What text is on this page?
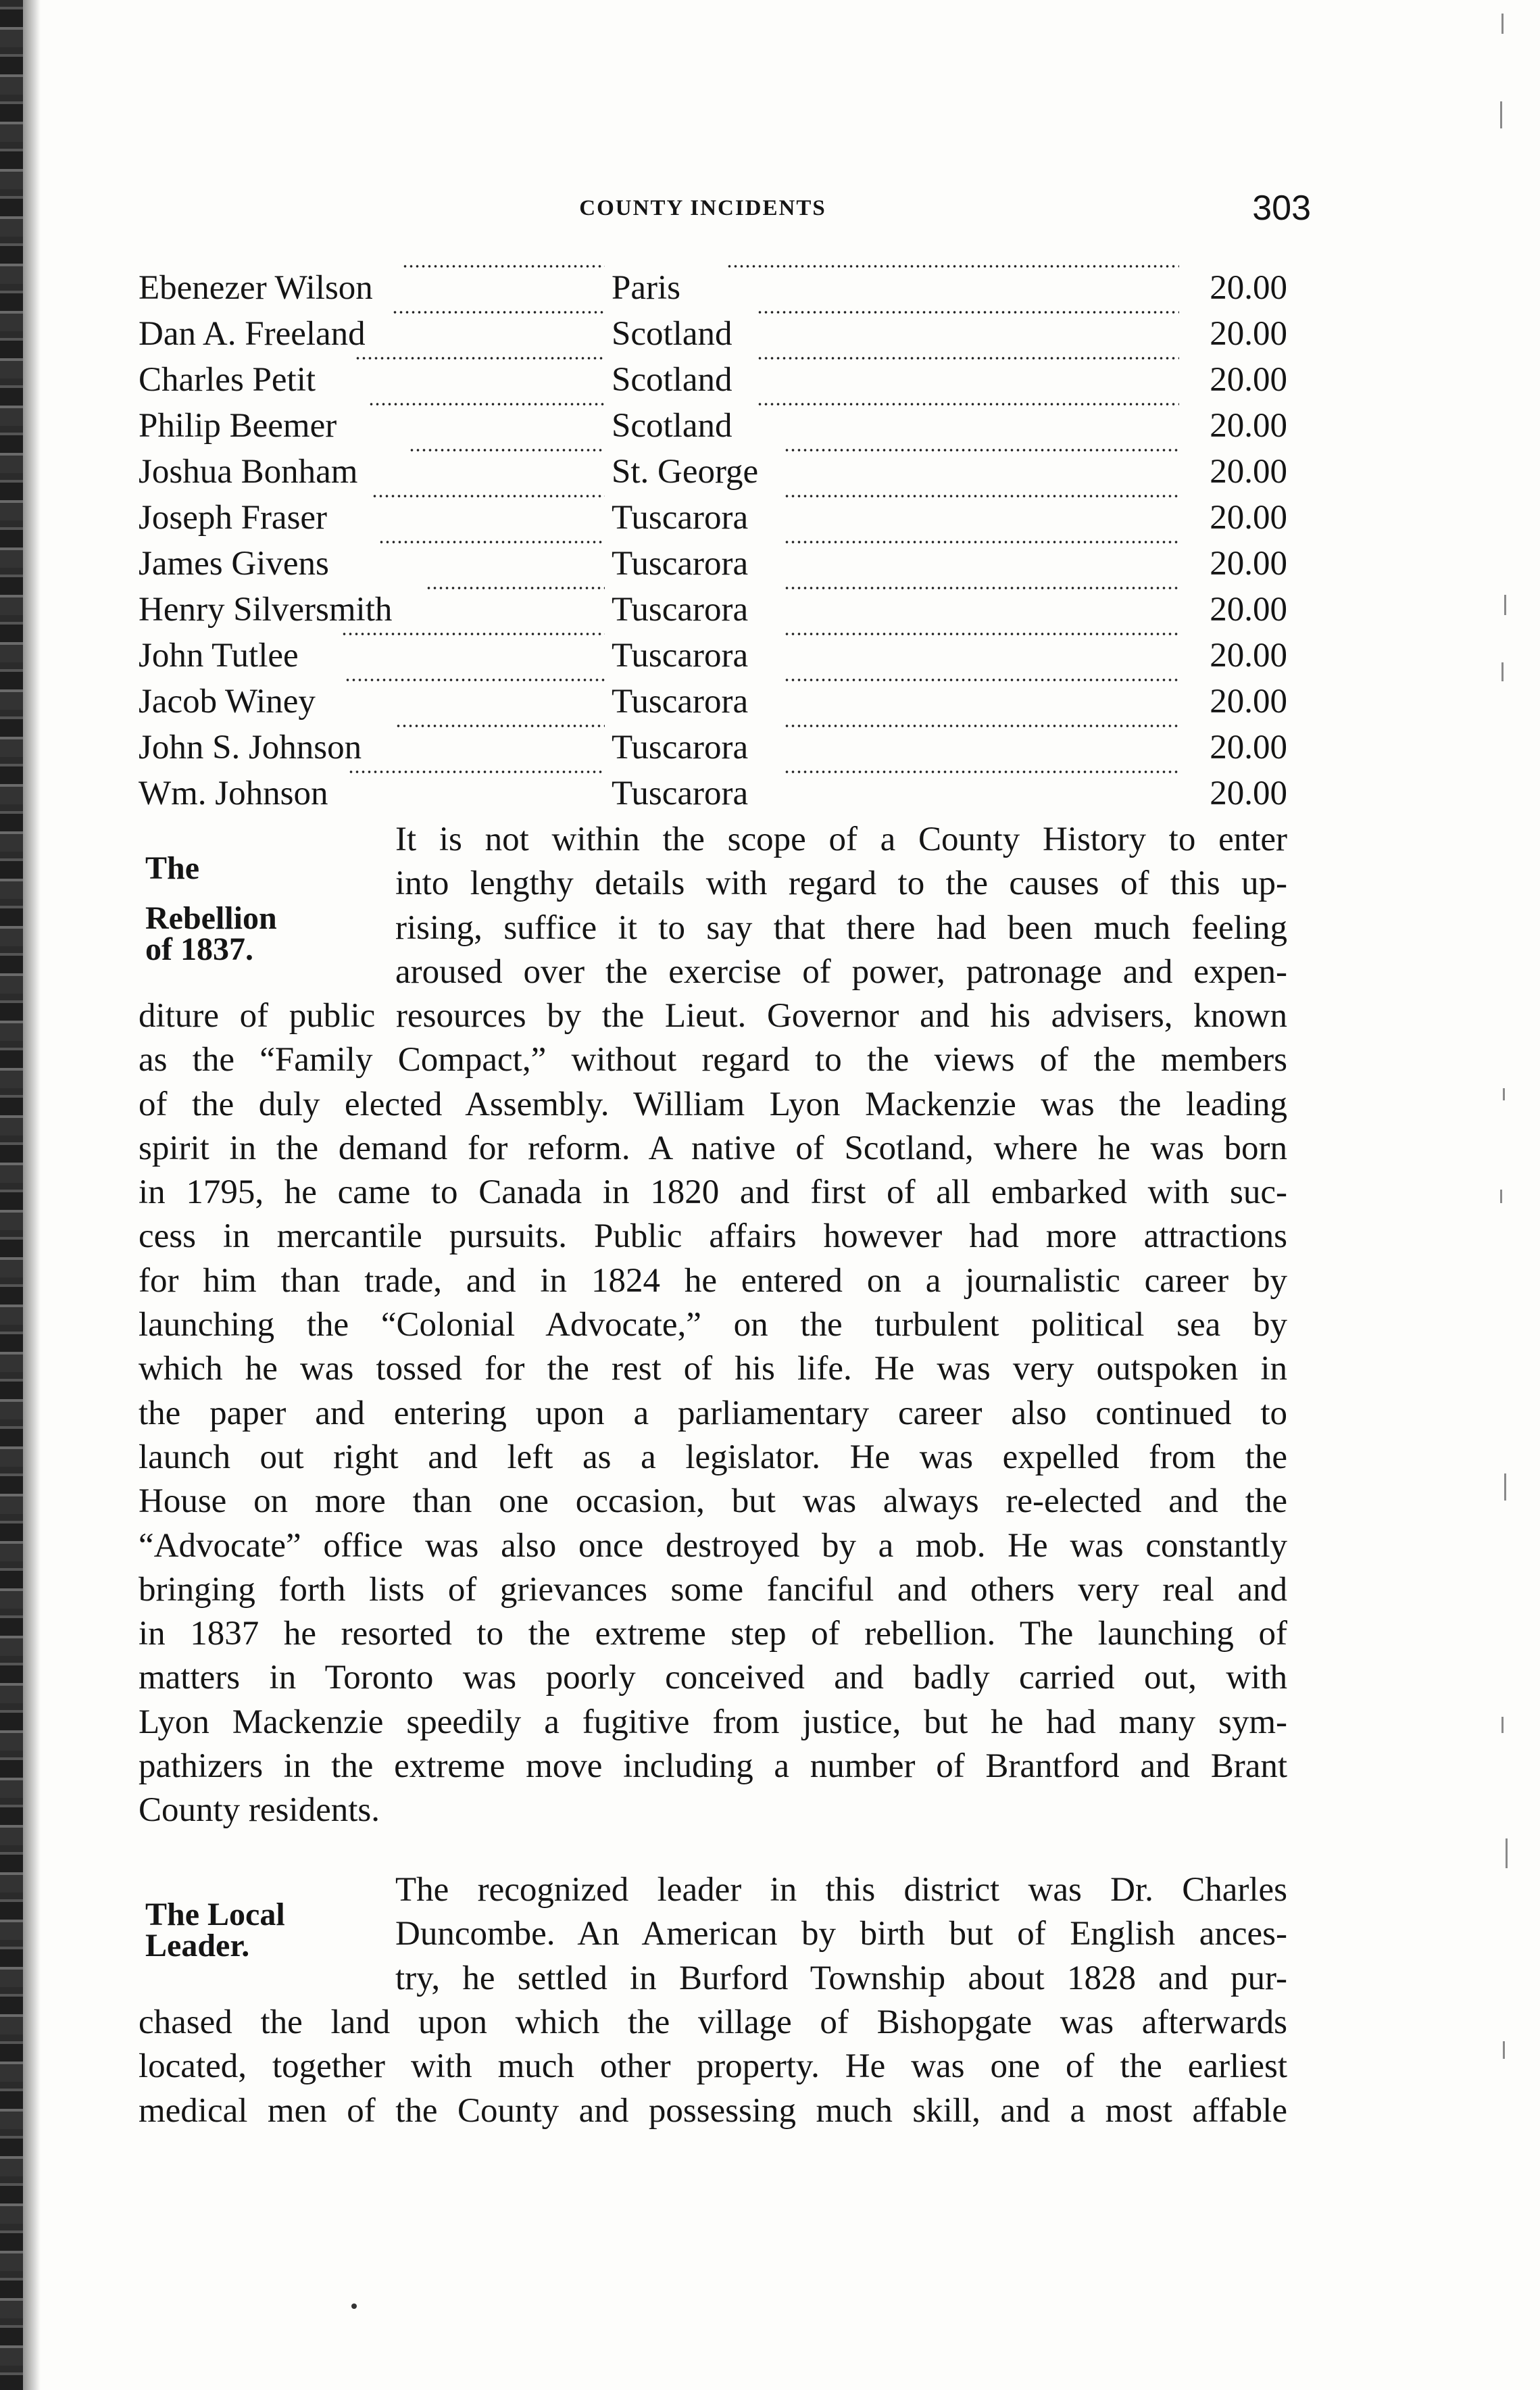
COUNTY INCIDENTS	303
Ebenezer Wilson	Paris	20.00
Dan A. Freeland	Scotland	20.00
Charles Petit	Scotland	20.00
Philip Beemer	Scotland	20.00
Joshua Bonham	St. George	20.00
Joseph Fraser	Tuscarora	20.00
James Givens	Tuscarora	20.00
Henry Silversmith	Tuscarora	20.00
John Tutlee	Tuscarora	20.00
Jacob Winey	Tuscarora	20.00
John S. Johnson	Tuscarora	20.00
Wm. Johnson	Tuscarora	20.00
The
Rebellion
of 1837.

It is not within the scope of a County History to enter

into lengthy details with regard to the causes of this up-

rising, suffice it to say that there had been much feeling

aroused over the exercise of power, patronage and expen-

diture of public resources by the Lieut. Governor and his advisers, known

as the “Family Compact,” without regard to the views of the members

of the duly elected Assembly. William Lyon Mackenzie was the leading

spirit in the demand for reform. A native of Scotland, where he was born

in 1795, he came to Canada in 1820 and first of all embarked with suc-

cess in mercantile pursuits. Public affairs however had more attractions

for him than trade, and in 1824 he entered on a journalistic career by

launching the “Colonial Advocate,” on the turbulent political sea by

which he was tossed for the rest of his life. He was very outspoken in

the paper and entering upon a parliamentary career also continued to

launch out right and left as a legislator. He was expelled from the

House on more than one occasion, but was always re-elected and the

“Advocate” office was also once destroyed by a mob. He was constantly

bringing forth lists of grievances some fanciful and others very real and

in 1837 he resorted to the extreme step of rebellion. The launching of

matters in Toronto was poorly conceived and badly carried out, with

Lyon Mackenzie speedily a fugitive from justice, but he had many sym-

pathizers in the extreme move including a number of Brantford and Brant

County residents.

The Local
Leader.

The recognized leader in this district was Dr. Charles

Duncombe. An American by birth but of English ances-

try, he settled in Burford Township about 1828 and pur-

chased the land upon which the village of Bishopgate was afterwards

located, together with much other property. He was one of the earliest

medical men of the County and possessing much skill, and a most affable
